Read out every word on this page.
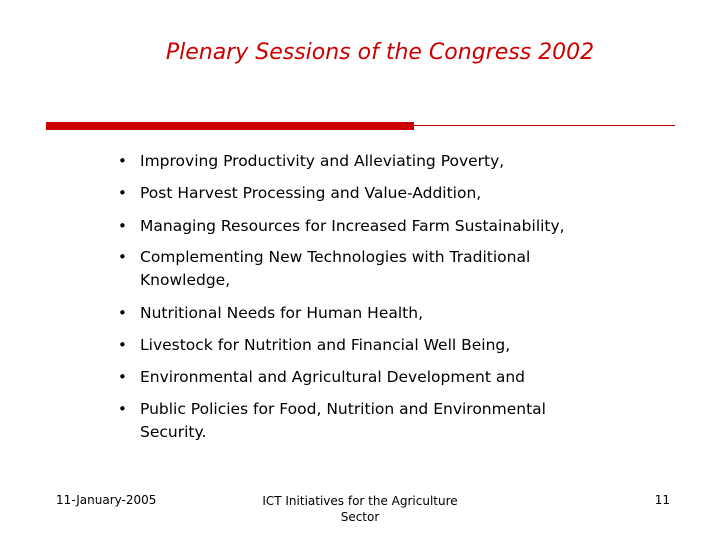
Plenary Sessions of the Congress 2002
• Improving Productivity and Alleviating Poverty,
• Post Harvest Processing and Value-Addition,
• Managing Resources for Increased Farm Sustainability,
• Complementing New Technologies with Traditional Knowledge,
• Nutritional Needs for Human Health,
• Livestock for Nutrition and Financial Well Being,
• Environmental and Agricultural Development and
• Public Policies for Food, Nutrition and Environmental Security.
11-January-2005	ICT Initiatives for the Agriculture
Sector
11
